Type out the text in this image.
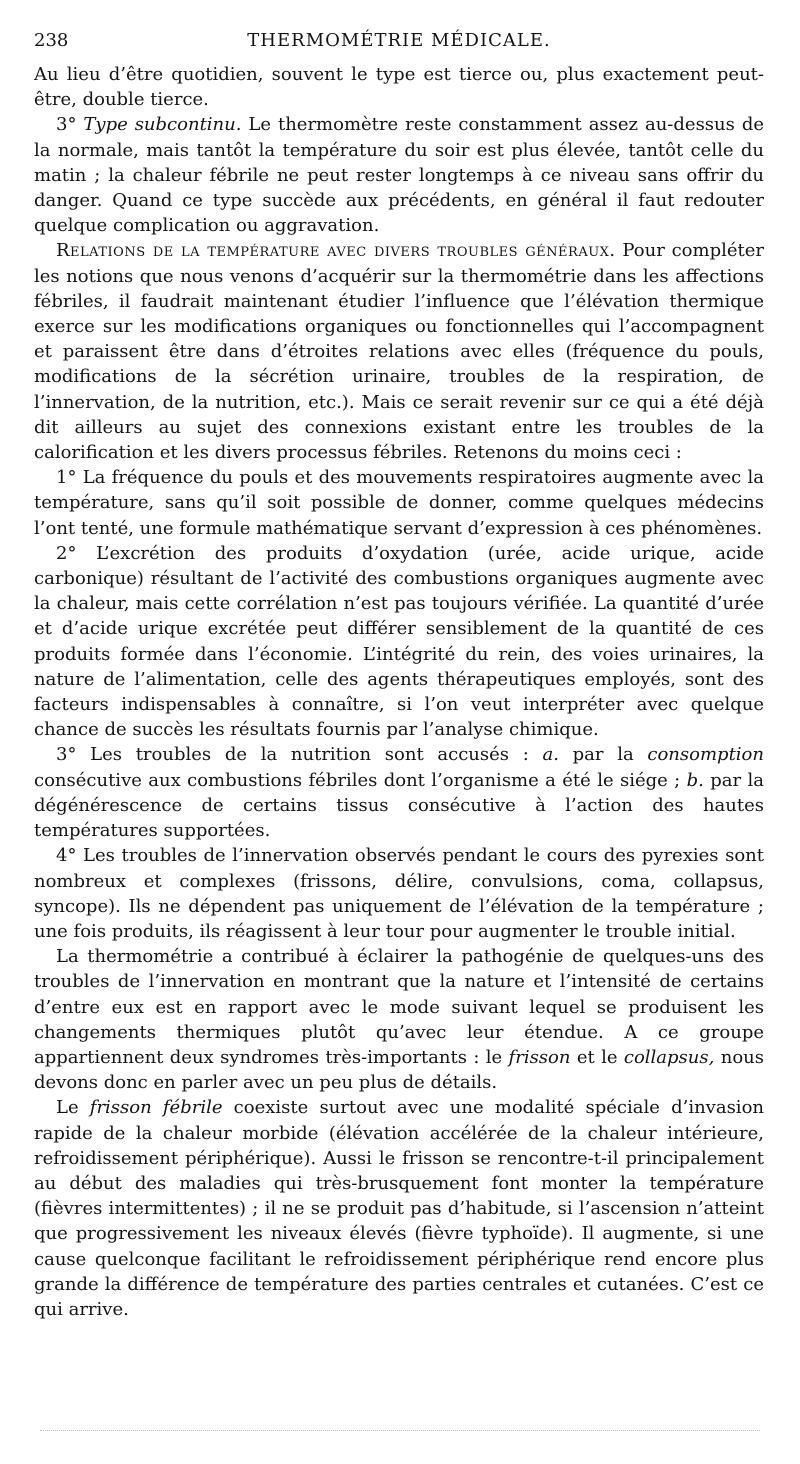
238	THERMOMÉTRIE MÉDICALE.

Au lieu d’être quotidien, souvent le type est tierce ou, plus exactement peut-être, double tierce.

3° Type subcontinu. Le thermomètre reste constamment assez au-dessus de la normale, mais tantôt la température du soir est plus élevée, tantôt celle du matin ; la chaleur fébrile ne peut rester longtemps à ce niveau sans offrir du danger. Quand ce type succède aux précédents, en général il faut redouter quelque complication ou aggravation.

Relations de la température avec divers troubles généraux. Pour compléter les notions que nous venons d’acquérir sur la thermométrie dans les affections fébriles, il faudrait maintenant étudier l’influence que l’élévation thermique exerce sur les modifications organiques ou fonctionnelles qui l’accompagnent et paraissent être dans d’étroites relations avec elles (fréquence du pouls, modifications de la sécrétion urinaire, troubles de la respiration, de l’innervation, de la nutrition, etc.). Mais ce serait revenir sur ce qui a été déjà dit ailleurs au sujet des connexions existant entre les troubles de la calorification et les divers processus fébriles. Retenons du moins ceci :

1° La fréquence du pouls et des mouvements respiratoires augmente avec la température, sans qu’il soit possible de donner, comme quelques médecins l’ont tenté, une formule mathématique servant d’expression à ces phénomènes.

2° L’excrétion des produits d’oxydation (urée, acide urique, acide carbonique) résultant de l’activité des combustions organiques augmente avec la chaleur, mais cette corrélation n’est pas toujours vérifiée. La quantité d’urée et d’acide urique excrétée peut différer sensiblement de la quantité de ces produits formée dans l’économie. L’intégrité du rein, des voies urinaires, la nature de l’alimentation, celle des agents thérapeutiques employés, sont des facteurs indispensables à connaître, si l’on veut interpréter avec quelque chance de succès les résultats fournis par l’analyse chimique.

3° Les troubles de la nutrition sont accusés : a. par la consomption consécutive aux combustions fébriles dont l’organisme a été le siége ; b. par la dégénérescence de certains tissus consécutive à l’action des hautes températures supportées.

4° Les troubles de l’innervation observés pendant le cours des pyrexies sont nombreux et complexes (frissons, délire, convulsions, coma, collapsus, syncope). Ils ne dépendent pas uniquement de l’élévation de la température ; une fois produits, ils réagissent à leur tour pour augmenter le trouble initial.

La thermométrie a contribué à éclairer la pathogénie de quelques-uns des troubles de l’innervation en montrant que la nature et l’intensité de certains d’entre eux est en rapport avec le mode suivant lequel se produisent les changements thermiques plutôt qu’avec leur étendue. A ce groupe appartiennent deux syndromes très-importants : le frisson et le collapsus, nous devons donc en parler avec un peu plus de détails.

Le frisson fébrile coexiste surtout avec une modalité spéciale d’invasion rapide de la chaleur morbide (élévation accélérée de la chaleur intérieure, refroidissement périphérique). Aussi le frisson se rencontre-t-il principalement au début des maladies qui très-brusquement font monter la température (fièvres intermittentes) ; il ne se produit pas d’habitude, si l’ascension n’atteint que progressivement les niveaux élevés (fièvre typhoïde). Il augmente, si une cause quelconque facilitant le refroidissement périphérique rend encore plus grande la différence de température des parties centrales et cutanées. C’est ce qui arrive.
